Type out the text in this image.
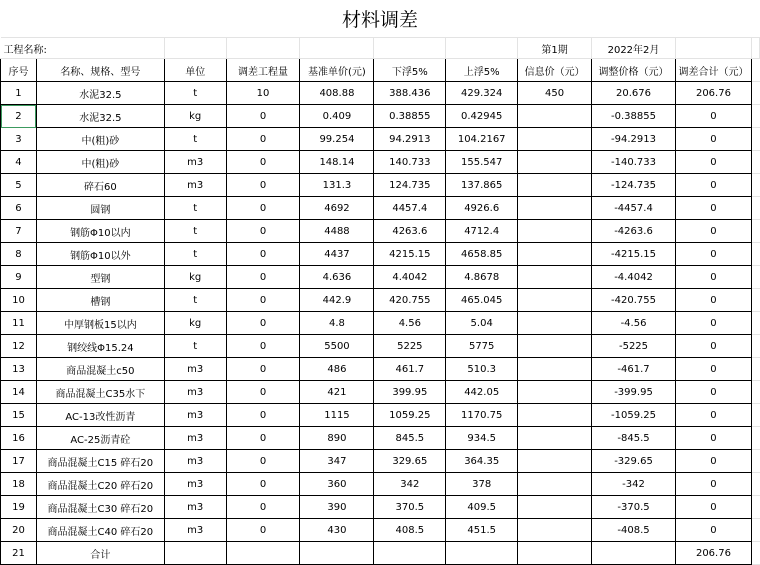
材料调差										
工程名称:							第1期	2022年2月		
序号	名称、规格、型号	单位	调差工程量	基准单价(元)	下浮5%	上浮5%	信息价（元）	调整价格（元）	调差合计（元）	
1	水泥32.5	t	10	408.88	388.436	429.324	450	20.676	206.76	
2	水泥32.5	kg	0	0.409	0.38855	0.42945		-0.38855	0	
3	中(粗)砂	t	0	99.254	94.2913	104.2167		-94.2913	0	
4	中(粗)砂	m3	0	148.14	140.733	155.547		-140.733	0	
5	碎石60	m3	0	131.3	124.735	137.865		-124.735	0	
6	圆钢	t	0	4692	4457.4	4926.6		-4457.4	0	
7	钢筋Φ10以内	t	0	4488	4263.6	4712.4		-4263.6	0	
8	钢筋Φ10以外	t	0	4437	4215.15	4658.85		-4215.15	0	
9	型钢	kg	0	4.636	4.4042	4.8678		-4.4042	0	
10	槽钢	t	0	442.9	420.755	465.045		-420.755	0	
11	中厚钢板15以内	kg	0	4.8	4.56	5.04		-4.56	0	
12	钢绞线Φ15.24	t	0	5500	5225	5775		-5225	0	
13	商品混凝土c50	m3	0	486	461.7	510.3		-461.7	0	
14	商品混凝土C35水下	m3	0	421	399.95	442.05		-399.95	0	
15	AC-13改性沥青	m3	0	1115	1059.25	1170.75		-1059.25	0	
16	AC-25沥青砼	m3	0	890	845.5	934.5		-845.5	0	
17	商品混凝土C15 碎石20	m3	0	347	329.65	364.35		-329.65	0	
18	商品混凝土C20 碎石20	m3	0	360	342	378		-342	0	
19	商品混凝土C30 碎石20	m3	0	390	370.5	409.5		-370.5	0	
20	商品混凝土C40 碎石20	m3	0	430	408.5	451.5		-408.5	0	
21	合计								206.76	
